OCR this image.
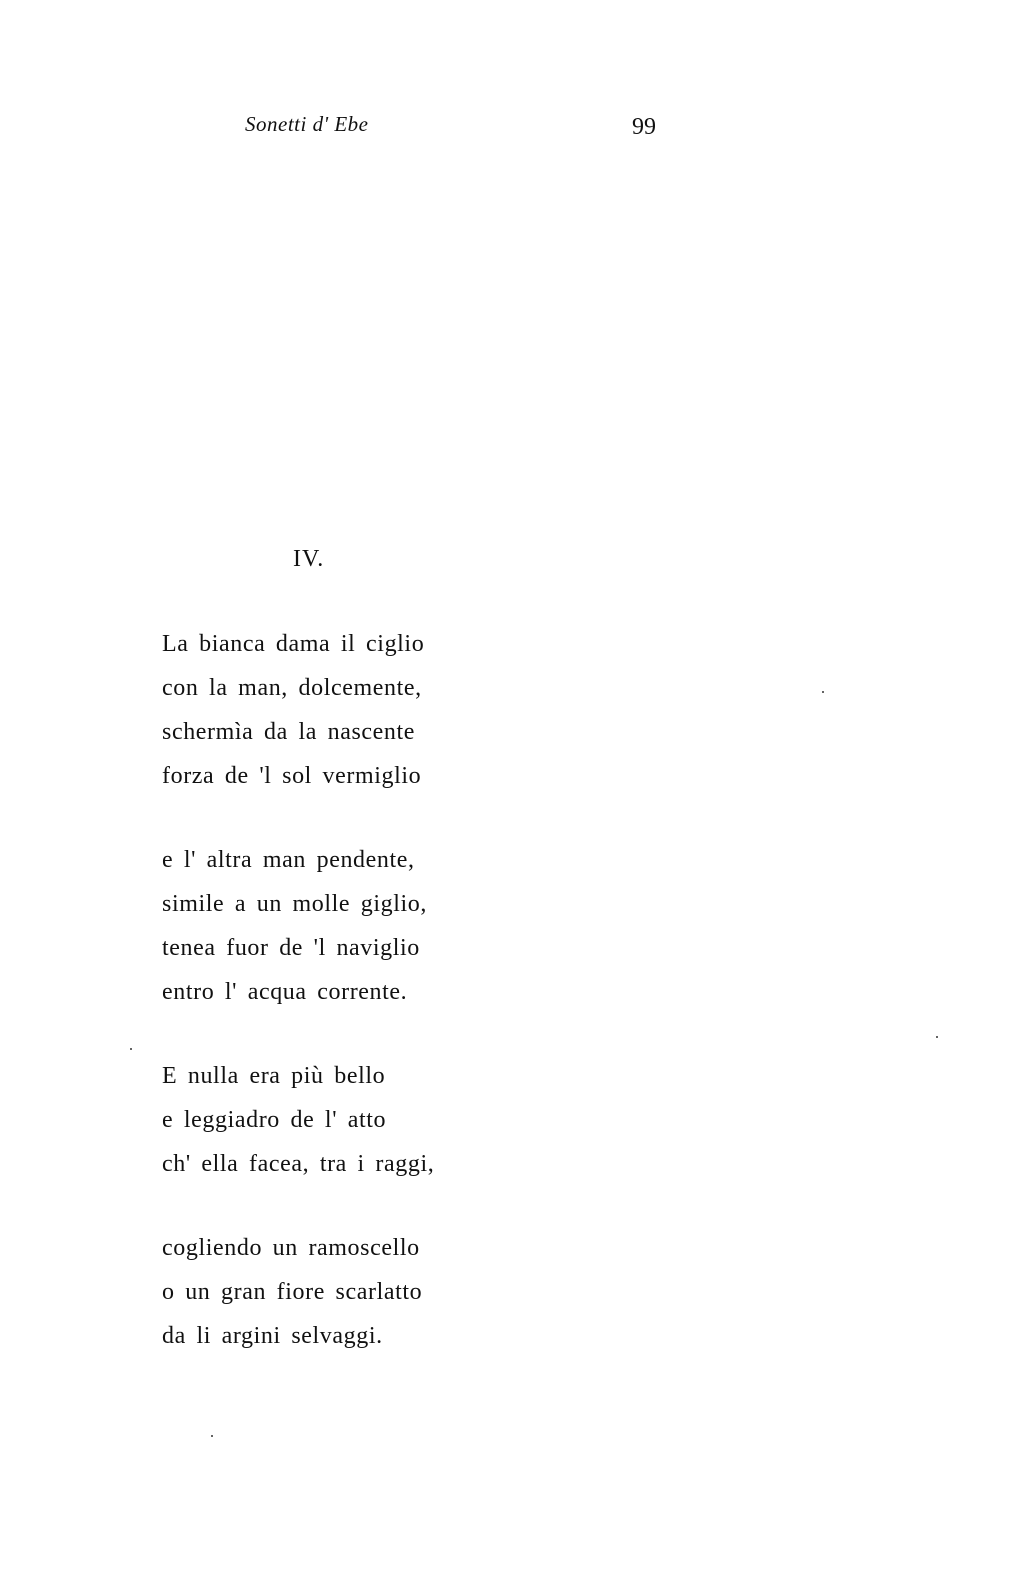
Sonetti d' Ebe	99
IV.
La bianca dama il ciglio
con la man, dolcemente,
schermìa da la nascente
forza de 'l sol vermiglio
e l' altra man pendente,
simile a un molle giglio,
tenea fuor de 'l naviglio
entro l' acqua corrente.
E nulla era più bello
e leggiadro de l' atto
ch' ella facea, tra i raggi,
cogliendo un ramoscello
o un gran fiore scarlatto
da li argini selvaggi.
